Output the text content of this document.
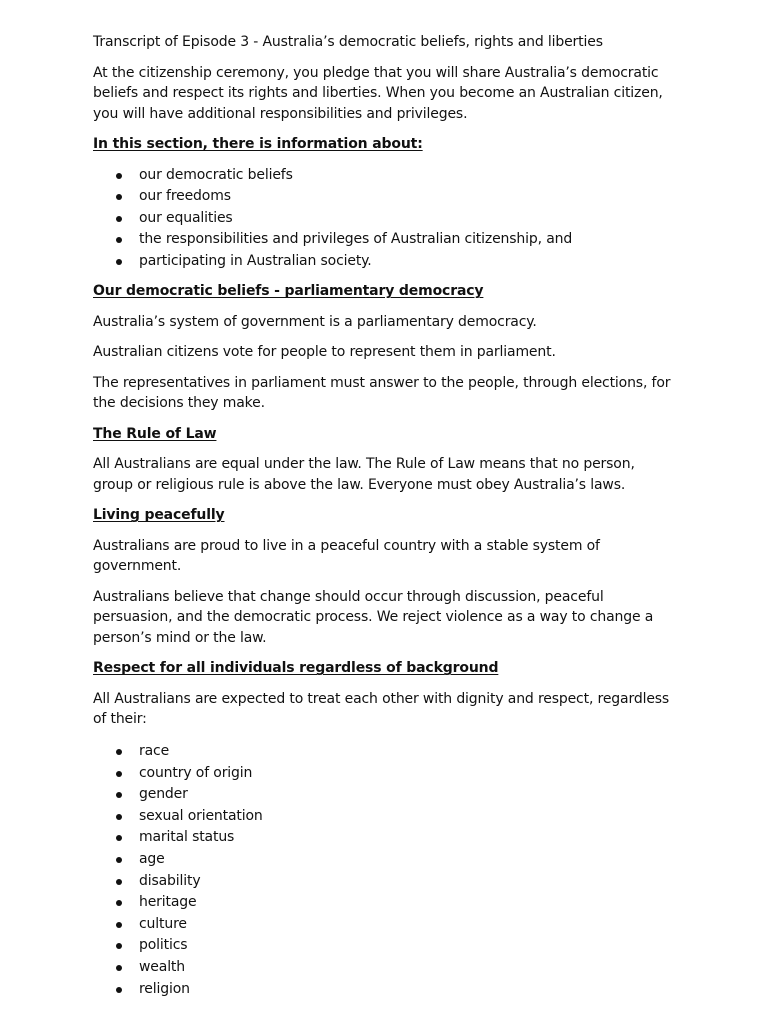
Transcript of Episode 3 - Australia’s democratic beliefs, rights and liberties

At the citizenship ceremony, you pledge that you will share Australia’s democratic beliefs and respect its rights and liberties. When you become an Australian citizen, you will have additional responsibilities and privileges.

In this section, there is information about:
our democratic beliefs
our freedoms
our equalities
the responsibilities and privileges of Australian citizenship, and
participating in Australian society.
Our democratic beliefs - parliamentary democracy

Australia’s system of government is a parliamentary democracy.

Australian citizens vote for people to represent them in parliament.

The representatives in parliament must answer to the people, through elections, for the decisions they make.

The Rule of Law

All Australians are equal under the law. The Rule of Law means that no person, group or religious rule is above the law. Everyone must obey Australia’s laws.

Living peacefully

Australians are proud to live in a peaceful country with a stable system of government.

Australians believe that change should occur through discussion, peaceful persuasion, and the democratic process. We reject violence as a way to change a person’s mind or the law.

Respect for all individuals regardless of background

All Australians are expected to treat each other with dignity and respect, regardless of their:

race
country of origin
gender
sexual orientation
marital status
age
disability
heritage
culture
politics
wealth
religion
